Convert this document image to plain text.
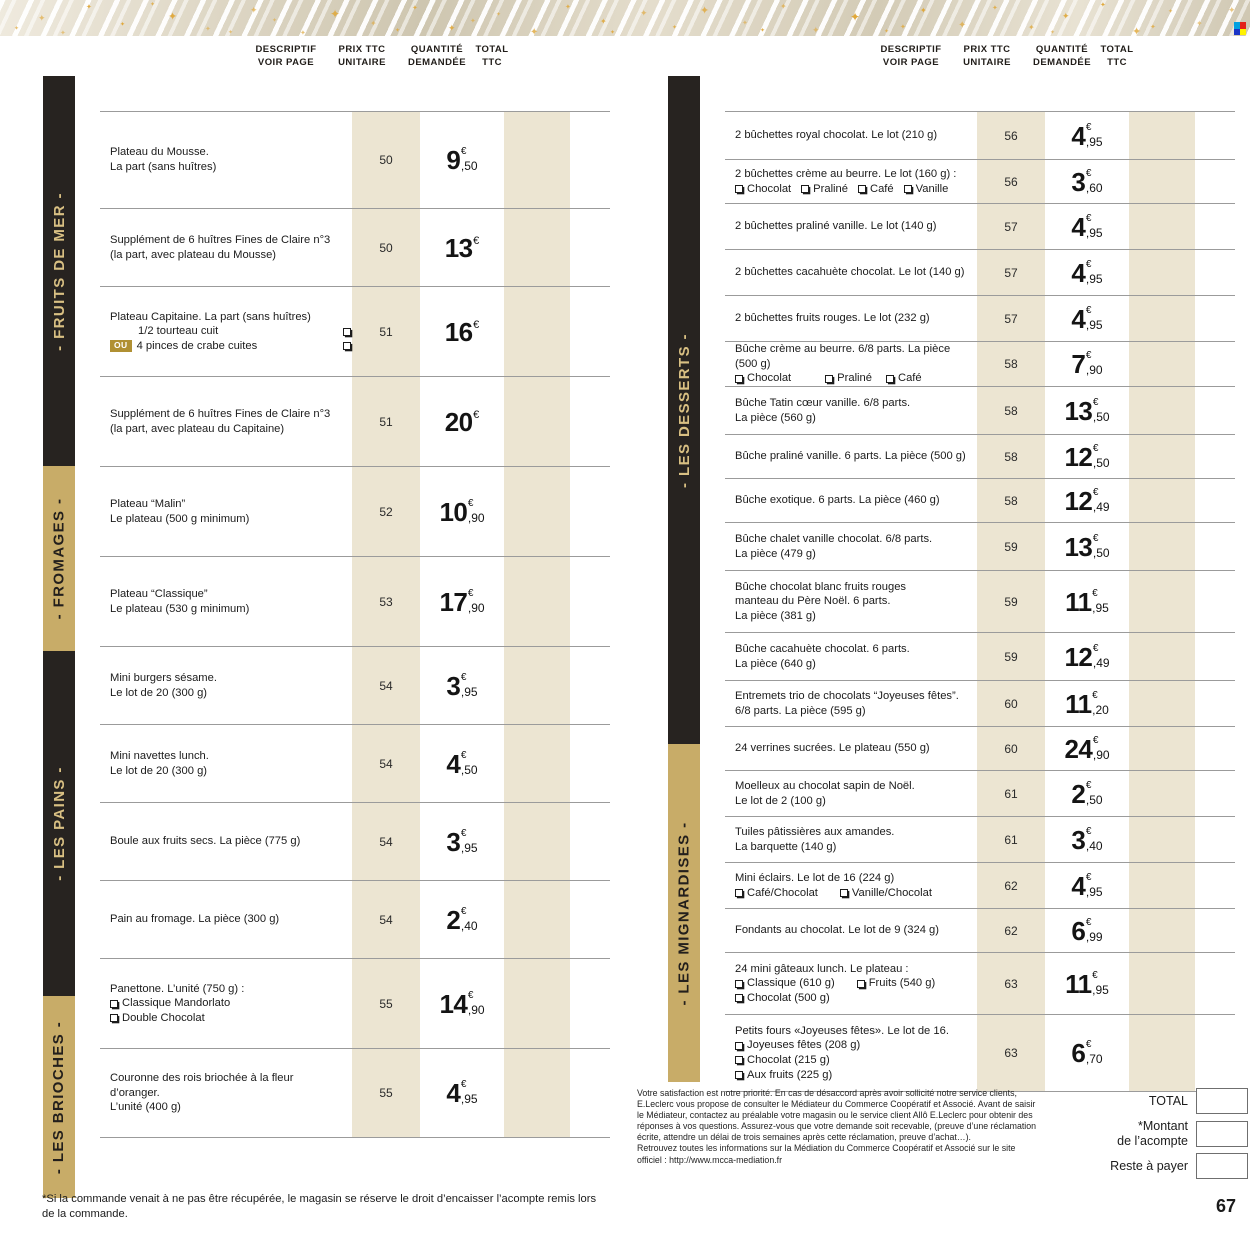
✦
✦
✦
✦
✦
✦
✦
✦
✦
✦
✦
✦
✦
✦
✦
✦
✦
✦
✦
✦
✦
✦
✦
✦
✦
✦
✦
✦
✦
✦
✦
✦
✦
✦
✦
✦
✦
✦	✦
✦
✦	✦	✦
✦
✦
DESCRIPTIF
VOIR PAGE
PRIX TTC
UNITAIRE
QUANTITÉ
DEMANDÉE
TOTAL
TTC
- FRUITS DE MER -
- FROMAGES -
- LES PAINS -
- LES BRIOCHES -
Plateau du Mousse.
La part (sans huîtres)	50	9 €
,50
Supplément de 6 huîtres Fines de Claire n°3
(la part, avec plateau du Mousse)	50	13 €
Plateau Capitaine. La part (sans huîtres)
1/2 tourteau cuit
OU 4 pinces de crabe cuites
51	16 €
Supplément de 6 huîtres Fines de Claire n°3
(la part, avec plateau du Capitaine)	51	20 €
Plateau “Malin”
Le plateau (500 g minimum)	52	10 €
,90
Plateau “Classique”
Le plateau (530 g minimum)	53	17 €
,90
Mini burgers sésame.
Le lot de 20 (300 g)	54	3 €
,95
Mini navettes lunch.
Le lot de 20 (300 g)	54	4 €
,50
Boule aux fruits secs. La pièce (775 g)	54	3 €
,95
Pain au fromage. La pièce (300 g)	54	2 €
,40
Panettone. L’unité (750 g) :
Classique Mandorlato
Double Chocolat
55	14 €
,90
Couronne des rois briochée à la fleur d’oranger.
L’unité (400 g)
55	4 €
,95
DESCRIPTIF
VOIR PAGE
PRIX TTC
UNITAIRE
QUANTITÉ
DEMANDÉE
TOTAL
TTC
- LES DESSERTS -
- LES MIGNARDISES -
2 bûchettes royal chocolat. Le lot (210 g)	56	4 €
,95
2 bûchettes crème au beurre. Le lot (160 g) :
Chocolat Praliné Café Vanille	56	3 €
,60
2 bûchettes praliné vanille. Le lot (140 g)	57	4 €
,95
2 bûchettes cacahuète chocolat. Le lot (140 g)	57	4 €
,95
2 bûchettes fruits rouges. Le lot (232 g)	57	4 €
,95
Bûche crème au beurre. 6/8 parts. La pièce (500 g)
Chocolat	Praliné Café
58	7 €
,90
Bûche Tatin cœur vanille. 6/8 parts.
La pièce (560 g)	58	13 €
,50
Bûche praliné vanille. 6 parts. La pièce (500 g)	58	12 €
,50
Bûche exotique. 6 parts. La pièce (460 g)	58	12 €
,49
Bûche chalet vanille chocolat. 6/8 parts.
La pièce (479 g)	59	13 €
,50
Bûche chocolat blanc fruits rouges
manteau du Père Noël. 6 parts.
La pièce (381 g)
59	11 €
,95
Bûche cacahuète chocolat. 6 parts.
La pièce (640 g)	59	12 €
,49
Entremets trio de chocolats “Joyeuses fêtes”.
6/8 parts. La pièce (595 g)	60	11 €
,20
24 verrines sucrées. Le plateau (550 g)	60	24 €
,90
Moelleux au chocolat sapin de Noël.
Le lot de 2 (100 g)	61	2 €
,50
Tuiles pâtissières aux amandes.
La barquette (140 g)	61	3 €
,40
Mini éclairs. Le lot de 16 (224 g)
Café/Chocolat	Vanille/Chocolat	62	4 €
,95
Fondants au chocolat. Le lot de 9 (324 g)	62	6 €
,99
24 mini gâteaux lunch. Le plateau :
Classique (610 g)	Fruits (540 g)
Chocolat (500 g)
63	11 €
,95
Petits fours «Joyeuses fêtes». Le lot de 16.
Joyeuses fêtes (208 g)
Chocolat (215 g)
Aux fruits (225 g)
63	6 €
,70
*Si la commande venait à ne pas être récupérée, le magasin se réserve le droit d’encaisser l’acompte remis lors de la commande.
Votre satisfaction est notre priorité. En cas de désaccord après avoir sollicité notre service clients, E.Leclerc vous propose de consulter le Médiateur du Commerce Coopératif et Associé. Avant de saisir le Médiateur, contactez au préalable votre magasin ou le service client Allô E.Leclerc pour obtenir des réponses à vos questions. Assurez-vous que votre demande soit recevable, (preuve d’une réclamation écrite, attendre un délai de trois semaines après cette réclamation, preuve d’achat…).
Retrouvez toutes les informations sur la Médiation du Commerce Coopératif et Associé sur le site officiel : http://www.mcca-mediation.fr
TOTAL
*Montant
de l’acompte
Reste à payer
67
